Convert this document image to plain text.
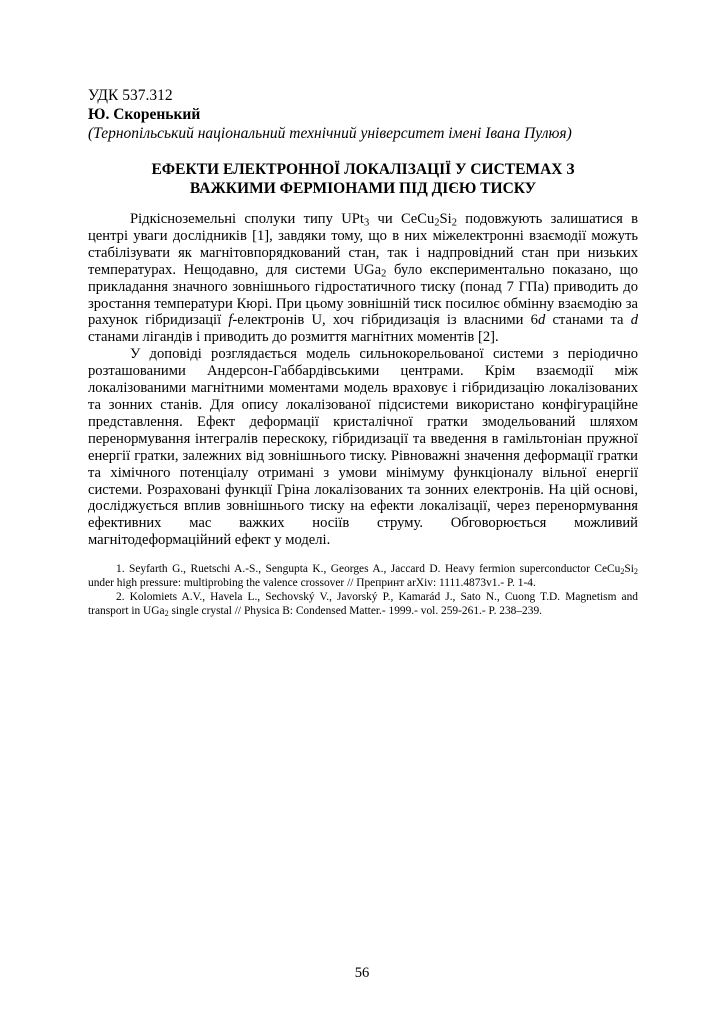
УДК 537.312
Ю. Скоренький
(Тернопільський національний технічний університет імені Івана Пулюя)
ЕФЕКТИ ЕЛЕКТРОННОЇ ЛОКАЛІЗАЦІЇ У СИСТЕМАХ З
ВАЖКИМИ ФЕРМІОНАМИ ПІД ДІЄЮ ТИСКУ

Рідкісноземельні сполуки типу UPt$_3$ чи $CeCu_2Si_2$ подовжують залишатися в центрі уваги дослідників [1], завдяки тому, що в них міжелектронні взаємодії можуть стабілізувати як магнітовпорядкований стан, так і надпровідний стан при низьких температурах. Нещодавно, для системи UGa$_2$ було експериментально показано, що прикладання значного зовнішнього гідростатичного тиску (понад 7 ГПа) приводить до зростання температури Кюрі. При цьому зовнішній тиск посилює обмінну взаємодію за рахунок гібридизації f-електронів U, хоч гібридизація із власними 6d станами та d станами лігандів і приводить до розмиття магнітних моментів [2].

У доповіді розглядається модель сильнокорельованої системи з періодично розташованими Андерсон-Габбардівськими центрами. Крім взаємодії між локалізованими магнітними моментами модель враховує і гібридизацію локалізованих та зонних станів. Для опису локалізованої підсистеми використано конфігураційне представлення. Ефект деформації кристалічної гратки змодельований шляхом перенормування інтегралів перескоку, гібридизації та введення в гамільтоніан пружної енергії гратки, залежних від зовнішнього тиску. Рівноважні значення деформації гратки та хімічного потенціалу отримані з умови мінімуму функціоналу вільної енергії системи. Розраховані функції Гріна локалізованих та зонних електронів. На цій основі, досліджується вплив зовнішнього тиску на ефекти локалізації, через перенормування ефективних мас важких носіїв струму. Обговорюється можливий магнітодеформаційний ефект у моделі.

1. Seyfarth G., Ruetschi A.-S., Sengupta K., Georges A., Jaccard D. Heavy fermion superconductor $CeCu_2Si_2$ under high pressure: multiprobing the valence crossover // Препринт arXiv: 1111.4873v1.- P. 1-4.

2. Kolomiets A.V., Havela L., Sechovský V., Javorský P., Kamarád J., Sato N., Cuong T.D. Magnetism and transport in UGa$_2$ single crystal // Physica B: Condensed Matter.- 1999.- vol. 259-261.- P. 238–239.

56
